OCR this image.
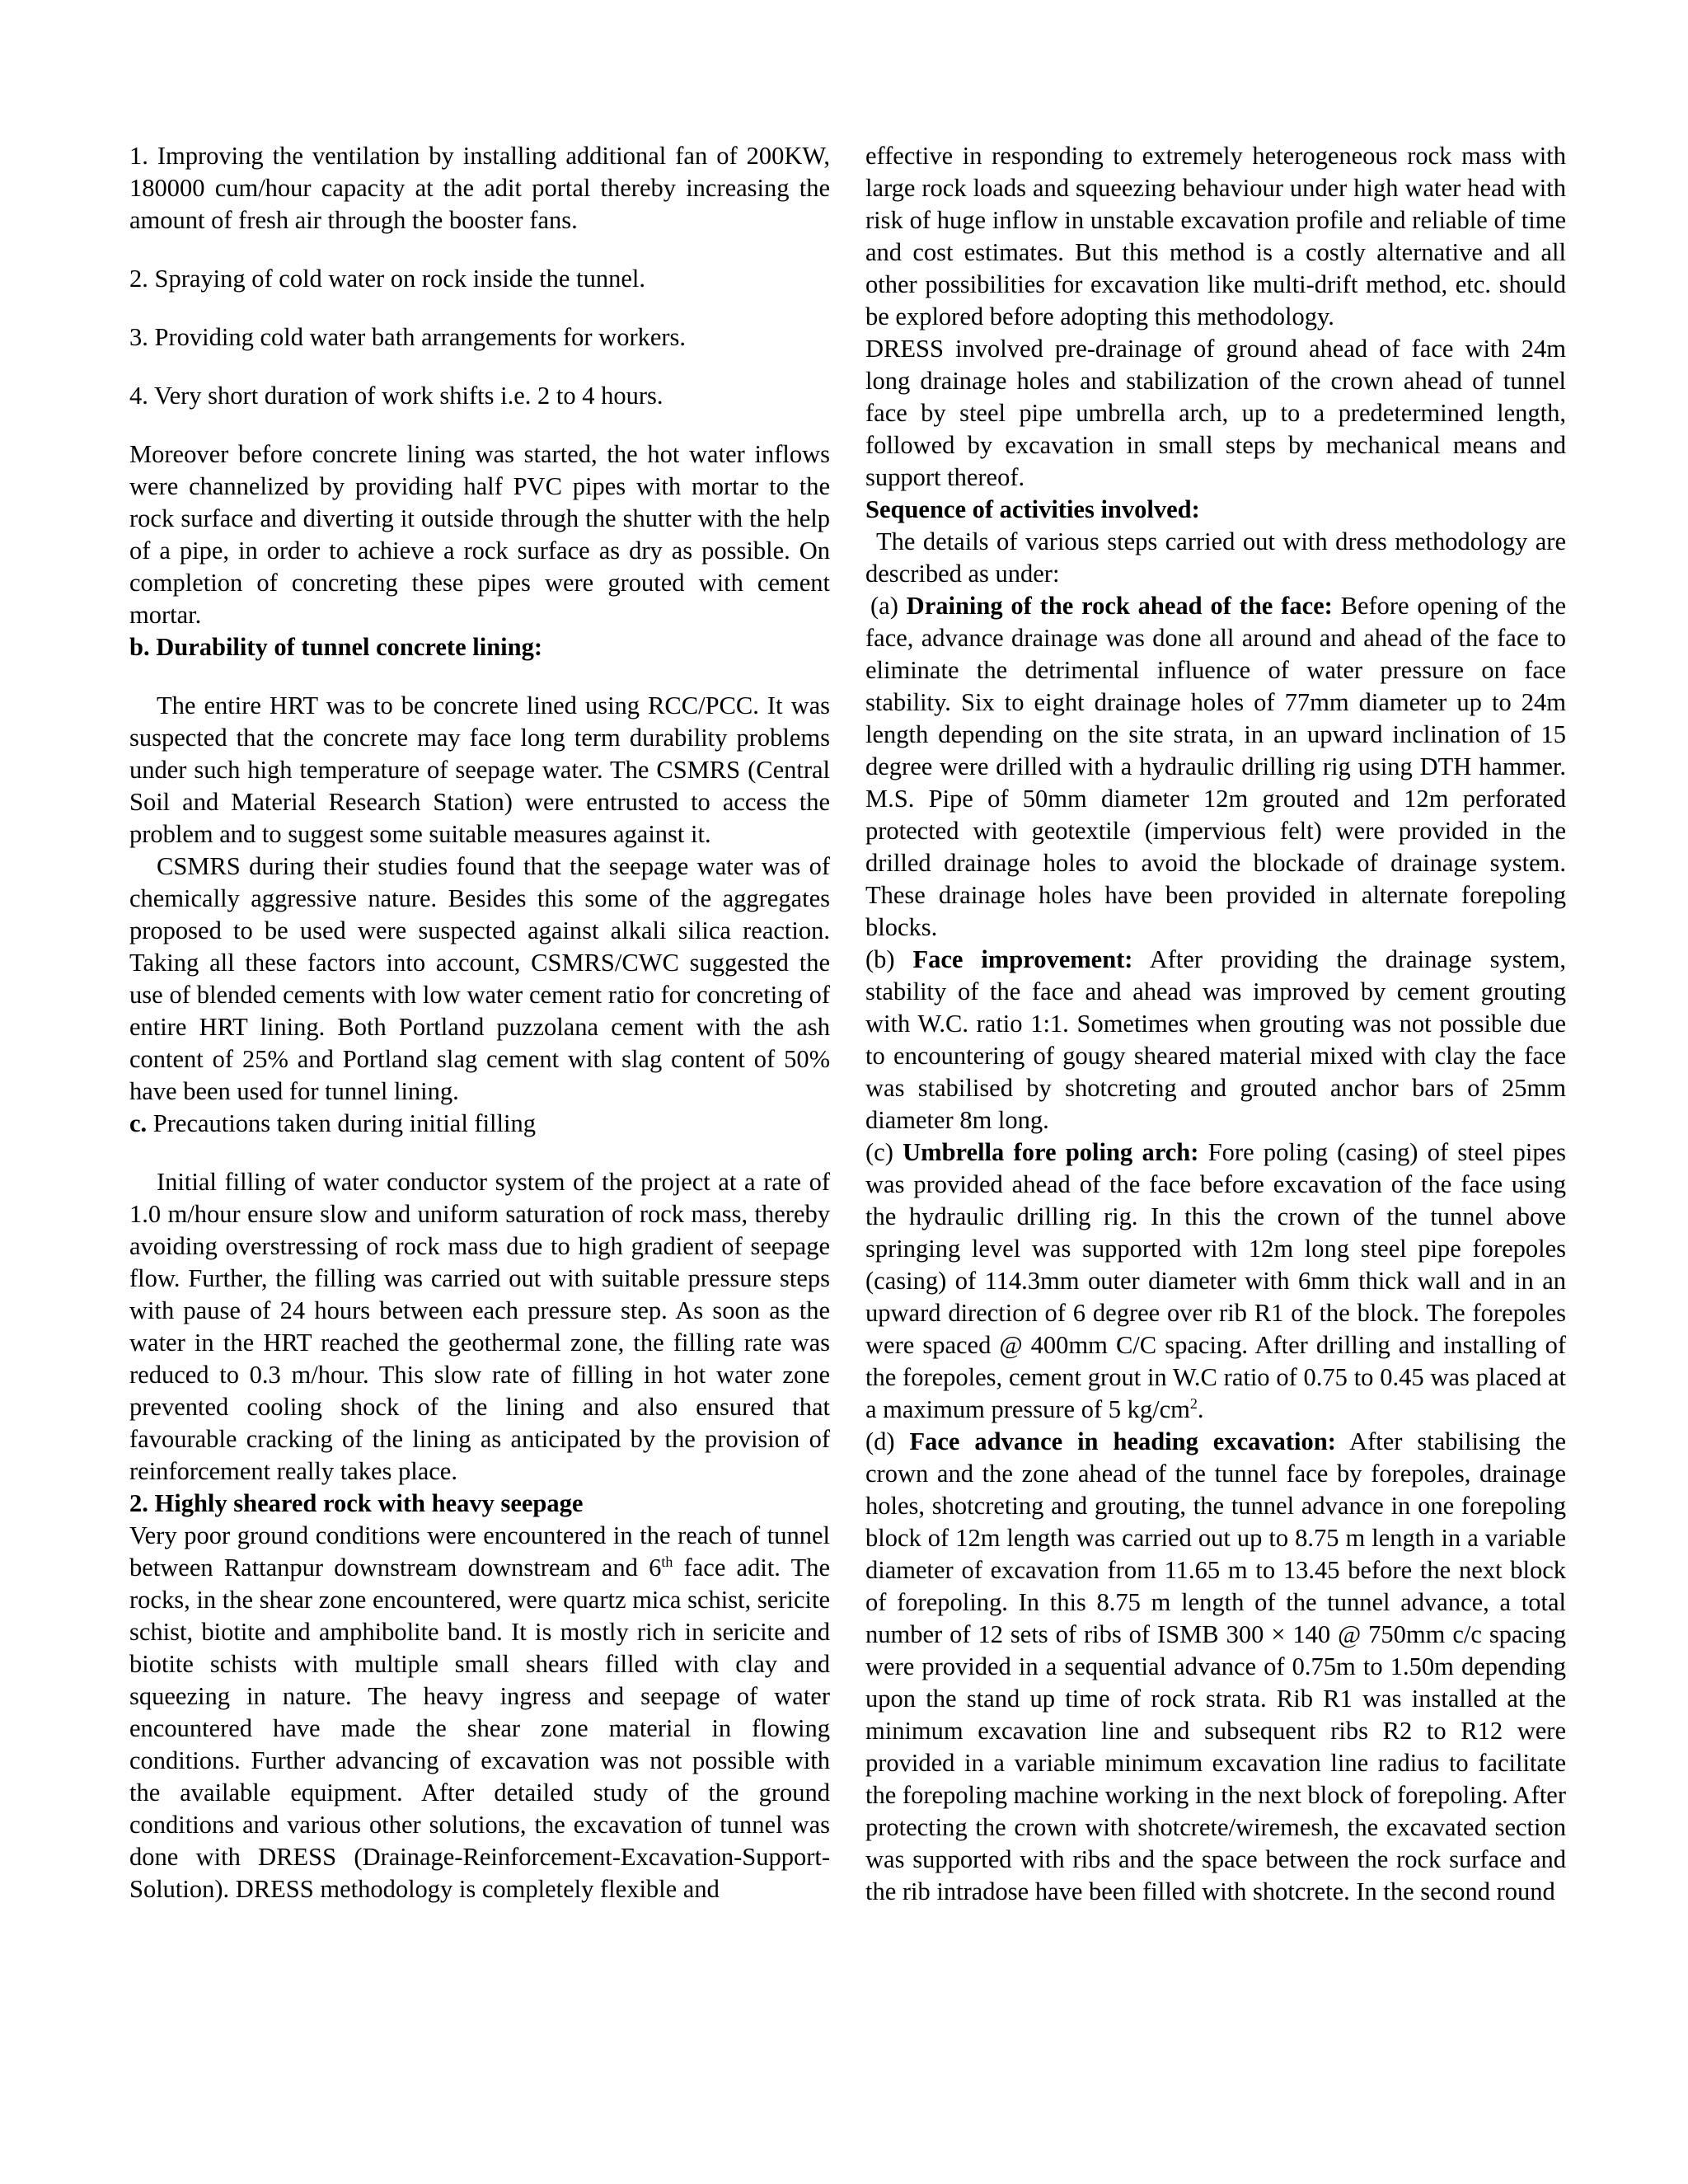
1. Improving the ventilation by installing additional fan of 200KW, 180000 cum/hour capacity at the adit portal thereby increasing the amount of fresh air through the booster fans.

2. Spraying of cold water on rock inside the tunnel.

3. Providing cold water bath arrangements for workers.

4. Very short duration of work shifts i.e. 2 to 4 hours.

Moreover before concrete lining was started, the hot water inflows were channelized by providing half PVC pipes with mortar to the rock surface and diverting it outside through the shutter with the help of a pipe, in order to achieve a rock surface as dry as possible. On completion of concreting these pipes were grouted with cement mortar.

b. Durability of tunnel concrete lining:

The entire HRT was to be concrete lined using RCC/PCC. It was suspected that the concrete may face long term durability problems under such high temperature of seepage water. The CSMRS (Central Soil and Material Research Station) were entrusted to access the problem and to suggest some suitable measures against it.

CSMRS during their studies found that the seepage water was of chemically aggressive nature. Besides this some of the aggregates proposed to be used were suspected against alkali silica reaction. Taking all these factors into account, CSMRS/CWC suggested the use of blended cements with low water cement ratio for concreting of entire HRT lining. Both Portland puzzolana cement with the ash content of 25% and Portland slag cement with slag content of 50% have been used for tunnel lining.

c. Precautions taken during initial filling

Initial filling of water conductor system of the project at a rate of 1.0 m/hour ensure slow and uniform saturation of rock mass, thereby avoiding overstressing of rock mass due to high gradient of seepage flow. Further, the filling was carried out with suitable pressure steps with pause of 24 hours between each pressure step. As soon as the water in the HRT reached the geothermal zone, the filling rate was reduced to 0.3 m/hour. This slow rate of filling in hot water zone prevented cooling shock of the lining and also ensured that favourable cracking of the lining as anticipated by the provision of reinforcement really takes place.

2. Highly sheared rock with heavy seepage

Very poor ground conditions were encountered in the reach of tunnel between Rattanpur downstream downstream and 6th face adit. The rocks, in the shear zone encountered, were quartz mica schist, sericite schist, biotite and amphibolite band. It is mostly rich in sericite and biotite schists with multiple small shears filled with clay and squeezing in nature. The heavy ingress and seepage of water encountered have made the shear zone material in flowing conditions. Further advancing of excavation was not possible with the available equipment. After detailed study of the ground conditions and various other solutions, the excavation of tunnel was done with DRESS (Drainage-Reinforcement-Excavation-Support-Solution). DRESS methodology is completely flexible and

effective in responding to extremely heterogeneous rock mass with large rock loads and squeezing behaviour under high water head with risk of huge inflow in unstable excavation profile and reliable of time and cost estimates. But this method is a costly alternative and all other possibilities for excavation like multi-drift method, etc. should be explored before adopting this methodology.

DRESS involved pre-drainage of ground ahead of face with 24m long drainage holes and stabilization of the crown ahead of tunnel face by steel pipe umbrella arch, up to a predetermined length, followed by excavation in small steps by mechanical means and support thereof.

Sequence of activities involved:

The details of various steps carried out with dress methodology are described as under:

(a) Draining of the rock ahead of the face: Before opening of the face, advance drainage was done all around and ahead of the face to eliminate the detrimental influence of water pressure on face stability. Six to eight drainage holes of 77mm diameter up to 24m length depending on the site strata, in an upward inclination of 15 degree were drilled with a hydraulic drilling rig using DTH hammer. M.S. Pipe of 50mm diameter 12m grouted and 12m perforated protected with geotextile (impervious felt) were provided in the drilled drainage holes to avoid the blockade of drainage system. These drainage holes have been provided in alternate forepoling blocks.

(b) Face improvement: After providing the drainage system, stability of the face and ahead was improved by cement grouting with W.C. ratio 1:1. Sometimes when grouting was not possible due to encountering of gougy sheared material mixed with clay the face was stabilised by shotcreting and grouted anchor bars of 25mm diameter 8m long.

(c) Umbrella fore poling arch: Fore poling (casing) of steel pipes was provided ahead of the face before excavation of the face using the hydraulic drilling rig. In this the crown of the tunnel above springing level was supported with 12m long steel pipe forepoles (casing) of 114.3mm outer diameter with 6mm thick wall and in an upward direction of 6 degree over rib R1 of the block. The forepoles were spaced @ 400mm C/C spacing. After drilling and installing of the forepoles, cement grout in W.C ratio of 0.75 to 0.45 was placed at a maximum pressure of 5 $kg/cm^2$.

(d) Face advance in heading excavation: After stabilising the crown and the zone ahead of the tunnel face by forepoles, drainage holes, shotcreting and grouting, the tunnel advance in one forepoling block of 12m length was carried out up to 8.75 m length in a variable diameter of excavation from 11.65 m to 13.45 before the next block of forepoling. In this 8.75 m length of the tunnel advance, a total number of 12 sets of ribs of ISMB 300 × 140 @ 750mm c/c spacing were provided in a sequential advance of 0.75m to 1.50m depending upon the stand up time of rock strata. Rib R1 was installed at the minimum excavation line and subsequent ribs R2 to R12 were provided in a variable minimum excavation line radius to facilitate the forepoling machine working in the next block of forepoling. After protecting the crown with shotcrete/wiremesh, the excavated section was supported with ribs and the space between the rock surface and the rib intradose have been filled with shotcrete. In the second round
